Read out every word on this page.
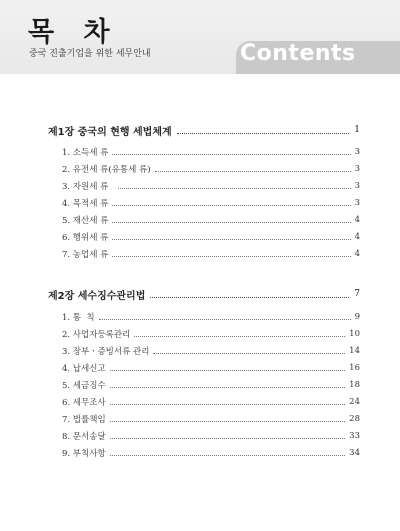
목 차
중국 진출기업을 위한 세무안내	Contents
제1장 중국의 현행 세법체계	1
1. 소득세 류	3
2. 유전세 류(유통세 류)	3
3. 자원세 류	3
4. 목적세 류	3
5. 재산세 류	4
6. 행위세 류	4
7. 농업세 류	4
제2장 세수징수관리법	7
1. 통  칙	9
2. 사업자등록관리	10
3. 장부ㆍ증빙서류 관리	14
4. 납세신고	16
5. 세금징수	18
6. 세무조사	24
7. 법률책임	28
8. 문서송달	33
9. 부칙사항	34
